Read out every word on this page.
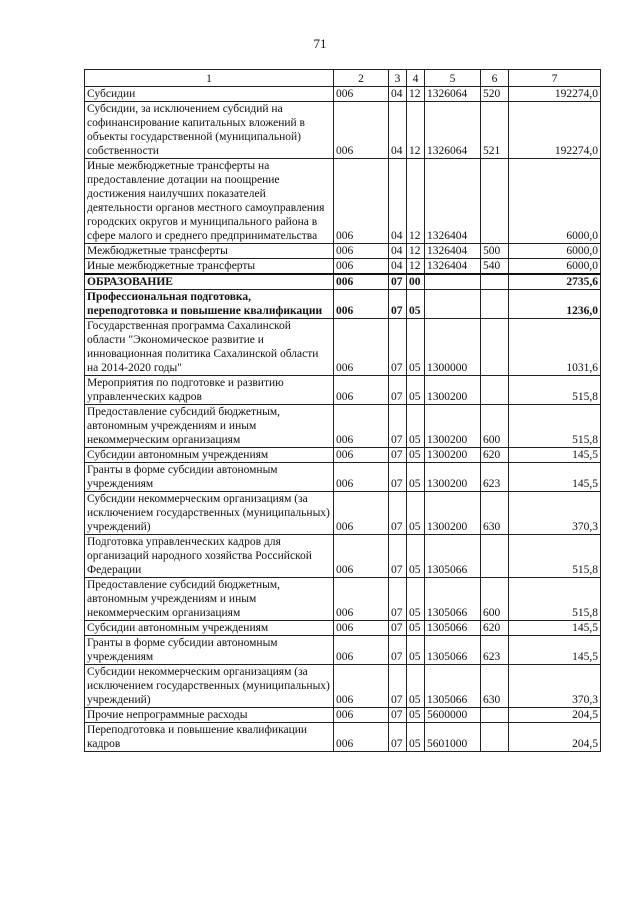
71
1	2	3	4	5	6	7
Субсидии	006	04	12	1326064	520	192274,0
Субсидии, за исключением субсидий на софинансирование капитальных вложений в объекты государственной (муниципальной) собственности	006	04	12	1326064	521	192274,0
Иные межбюджетные трансферты на предоставление дотации на поощрение достижения наилучших показателей деятельности органов местного самоуправления городских округов и муниципального района в сфере малого и среднего предпринимательства	006	04	12	1326404		6000,0
Межбюджетные трансферты	006	04	12	1326404	500	6000,0
Иные межбюджетные трансферты	006	04	12	1326404	540	6000,0
ОБРАЗОВАНИЕ	006	07	00			2735,6
Профессиональная подготовка, переподготовка и повышение квалификации	006	07	05			1236,0
Государственная программа Сахалинской области "Экономическое развитие и инновационная политика Сахалинской области на 2014-2020 годы"	006	07	05	1300000		1031,6
Мероприятия по подготовке и развитию управленческих кадров	006	07	05	1300200		515,8
Предоставление субсидий бюджетным, автономным учреждениям и иным некоммерческим организациям	006	07	05	1300200	600	515,8
Субсидии автономным учреждениям	006	07	05	1300200	620	145,5
Гранты в форме субсидии автономным учреждениям	006	07	05	1300200	623	145,5
Субсидии некоммерческим организациям (за исключением государственных (муниципальных) учреждений)	006	07	05	1300200	630	370,3
Подготовка управленческих кадров для организаций народного хозяйства Российской Федерации	006	07	05	1305066		515,8
Предоставление субсидий бюджетным, автономным учреждениям и иным некоммерческим организациям	006	07	05	1305066	600	515,8
Субсидии автономным учреждениям	006	07	05	1305066	620	145,5
Гранты в форме субсидии автономным учреждениям	006	07	05	1305066	623	145,5
Субсидии некоммерческим организациям (за исключением государственных (муниципальных) учреждений)	006	07	05	1305066	630	370,3
Прочие непрограммные расходы	006	07	05	5600000		204,5
Переподготовка и повышение квалификации кадров	006	07	05	5601000		204,5
